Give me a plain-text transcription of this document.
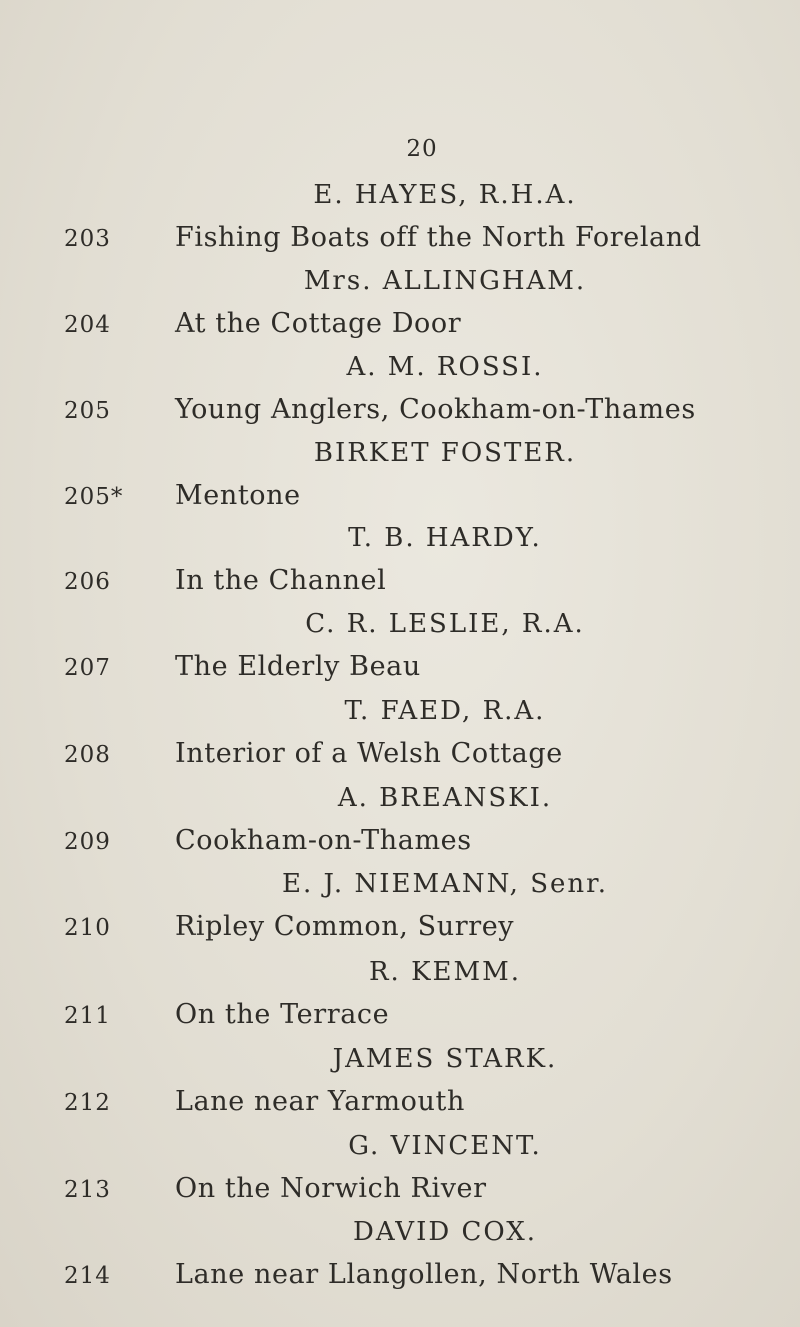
20
E. HAYES, R.H.A.
203 Fishing Boats off the North Foreland
Mrs. ALLINGHAM.
204 At the Cottage Door
A. M. ROSSI.
205 Young Anglers, Cookham-on-Thames
BIRKET FOSTER.
205* Mentone
T. B. HARDY.
206 In the Channel
C. R. LESLIE, R.A.
207 The Elderly Beau
T. FAED, R.A.
208 Interior of a Welsh Cottage
A. BREANSKI.
209 Cookham-on-Thames
E. J. NIEMANN, Senr.
210 Ripley Common, Surrey
R. KEMM.
211 On the Terrace
JAMES STARK.
212 Lane near Yarmouth
G. VINCENT.
213 On the Norwich River
DAVID COX.
214 Lane near Llangollen, North Wales
